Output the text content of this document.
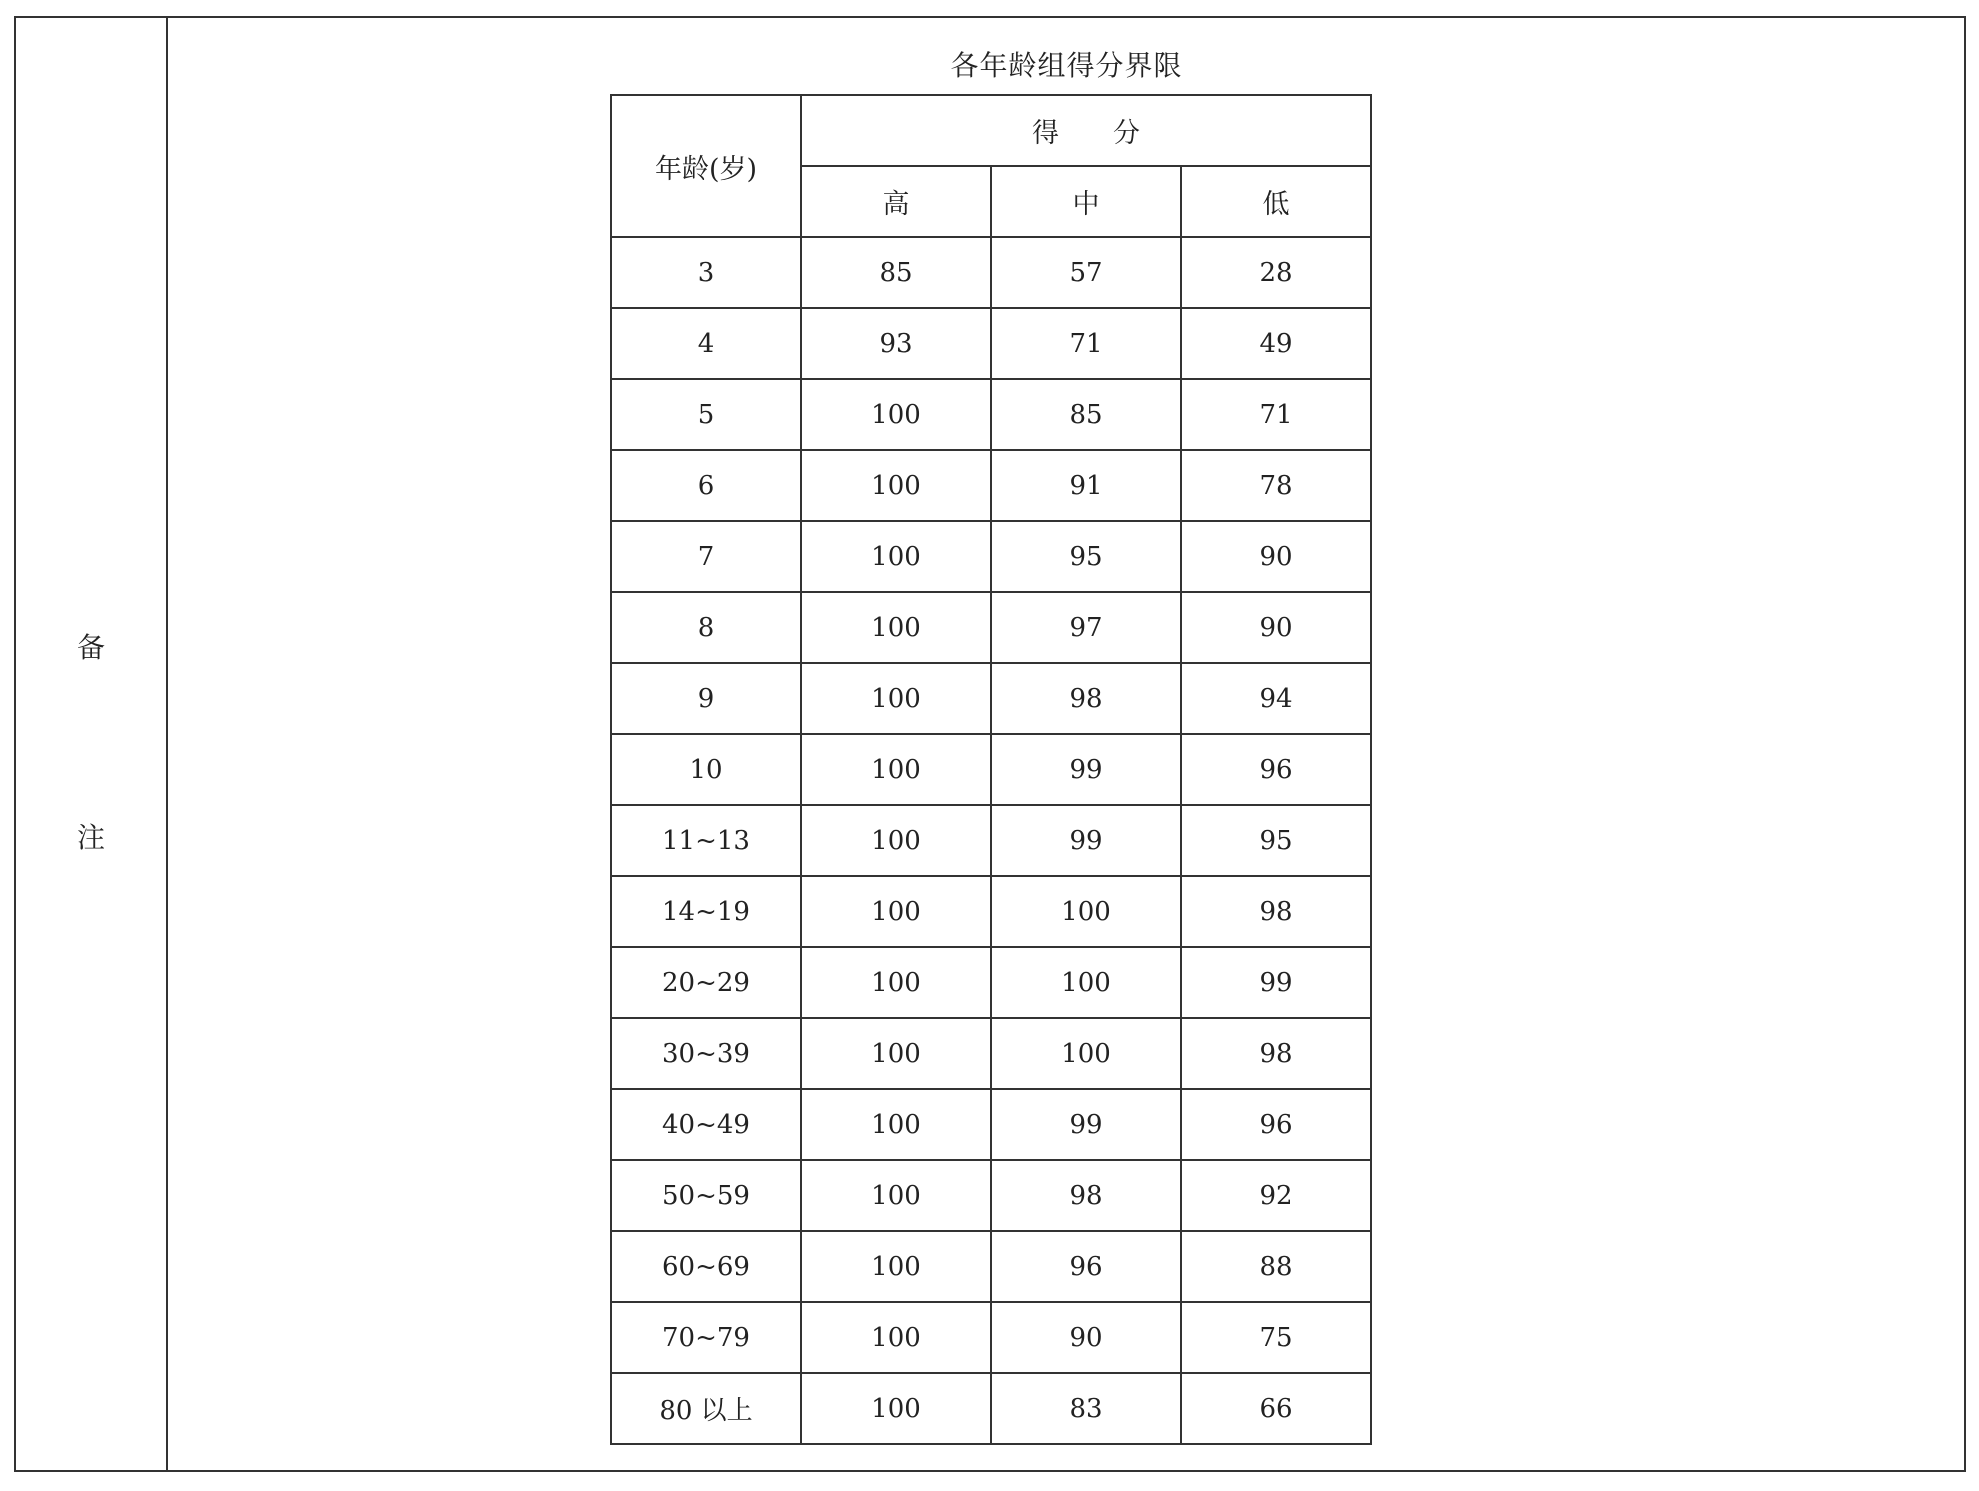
备
注
各年龄组得分界限
年龄(岁)	得　　分		
	高	中	低
3	85	57	28
4	93	71	49
5	100	85	71
6	100	91	78
7	100	95	90
8	100	97	90
9	100	98	94
10	100	99	96
11~13	100	99	95
14~19	100	100	98
20~29	100	100	99
30~39	100	100	98
40~49	100	99	96
50~59	100	98	92
60~69	100	96	88
70~79	100	90	75
80 以上	100	83	66
